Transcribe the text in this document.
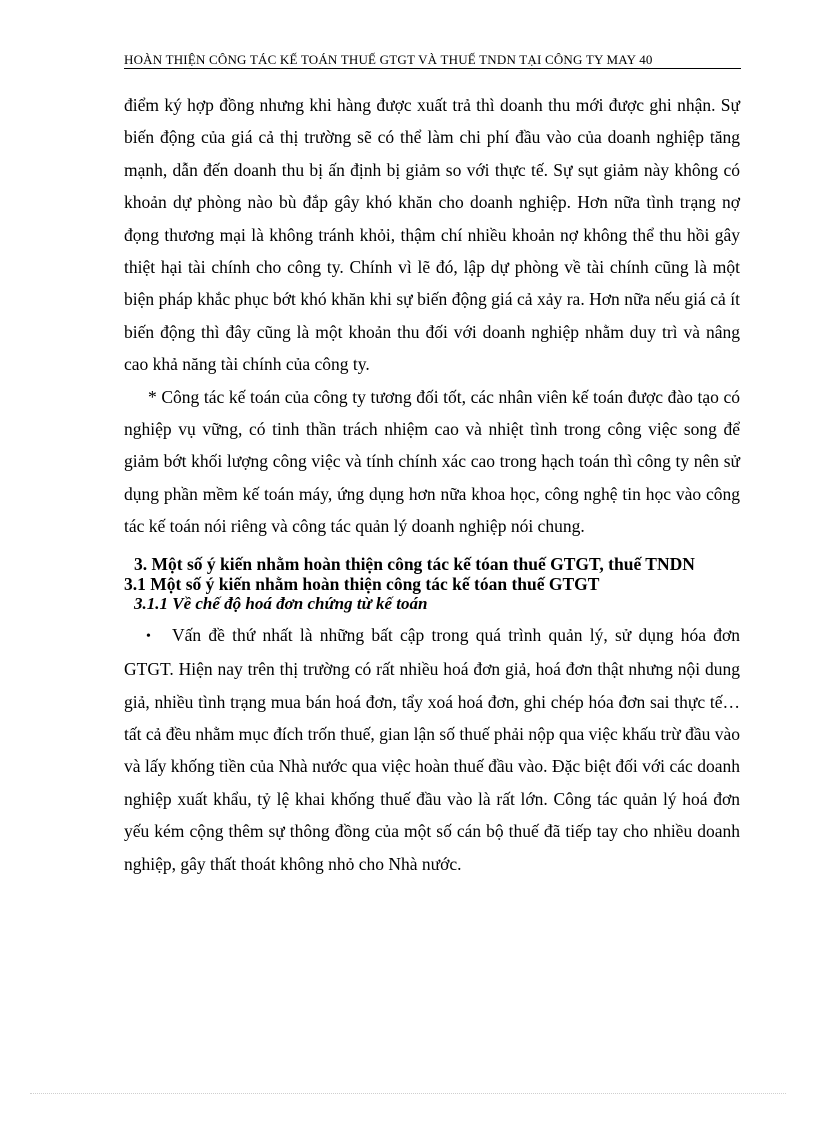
HOÀN THIỆN CÔNG TÁC KẾ TOÁN THUẾ GTGT VÀ THUẾ TNDN TẠI CÔNG TY MAY 40

điểm ký hợp đồng nhưng khi hàng được xuất trả thì doanh thu mới được ghi nhận. Sự biến động của giá cả thị trường sẽ có thể làm chi phí đầu vào của doanh nghiệp tăng mạnh, dẫn đến doanh thu bị ấn định bị giảm so với thực tế. Sự sụt giảm này không có khoản dự phòng nào bù đắp gây khó khăn cho doanh nghiệp. Hơn nữa tình trạng nợ đọng thương mại là không tránh khỏi, thậm chí nhiều khoản nợ không thể thu hồi gây thiệt hại tài chính cho công ty. Chính vì lẽ đó, lập dự phòng về tài chính cũng là một biện pháp khắc phục bớt khó khăn khi sự biến động giá cả xảy ra. Hơn nữa nếu giá cả ít biến động thì đây cũng là một khoản thu đối với doanh nghiệp nhằm duy trì và nâng cao khả năng tài chính của công ty.

* Công tác kế toán của công ty tương đối tốt, các nhân viên kế toán được đào tạo có nghiệp vụ vững, có tinh thần trách nhiệm cao và nhiệt tình trong công việc song để giảm bớt khối lượng công việc và tính chính xác cao trong hạch toán thì công ty nên sử dụng phần mềm kế toán máy, ứng dụng hơn nữa khoa học, công nghệ tin học vào công tác kế toán nói riêng và công tác quản lý doanh nghiệp nói chung.

3. Một số ý kiến nhằm hoàn thiện công tác kế tóan thuế GTGT, thuế TNDN
3.1 Một số ý kiến nhằm hoàn thiện công tác kế tóan thuế GTGT
3.1.1 Về chế độ hoá đơn chứng từ kế toán

• Vấn đề thứ nhất là những bất cập trong quá trình quản lý, sử dụng hóa đơn GTGT. Hiện nay trên thị trường có rất nhiều hoá đơn giả, hoá đơn thật nhưng nội dung giả, nhiều tình trạng mua bán hoá đơn, tẩy xoá hoá đơn, ghi chép hóa đơn sai thực tế…tất cả đều nhằm mục đích trốn thuế, gian lận số thuế phải nộp qua việc khấu trừ đầu vào và lấy khống tiền của Nhà nước qua việc hoàn thuế đầu vào. Đặc biệt đối với các doanh nghiệp xuất khẩu, tỷ lệ khai khống thuế đầu vào là rất lớn. Công tác quản lý hoá đơn yếu kém cộng thêm sự thông đồng của một số cán bộ thuế đã tiếp tay cho nhiều doanh nghiệp, gây thất thoát không nhỏ cho Nhà nước.
